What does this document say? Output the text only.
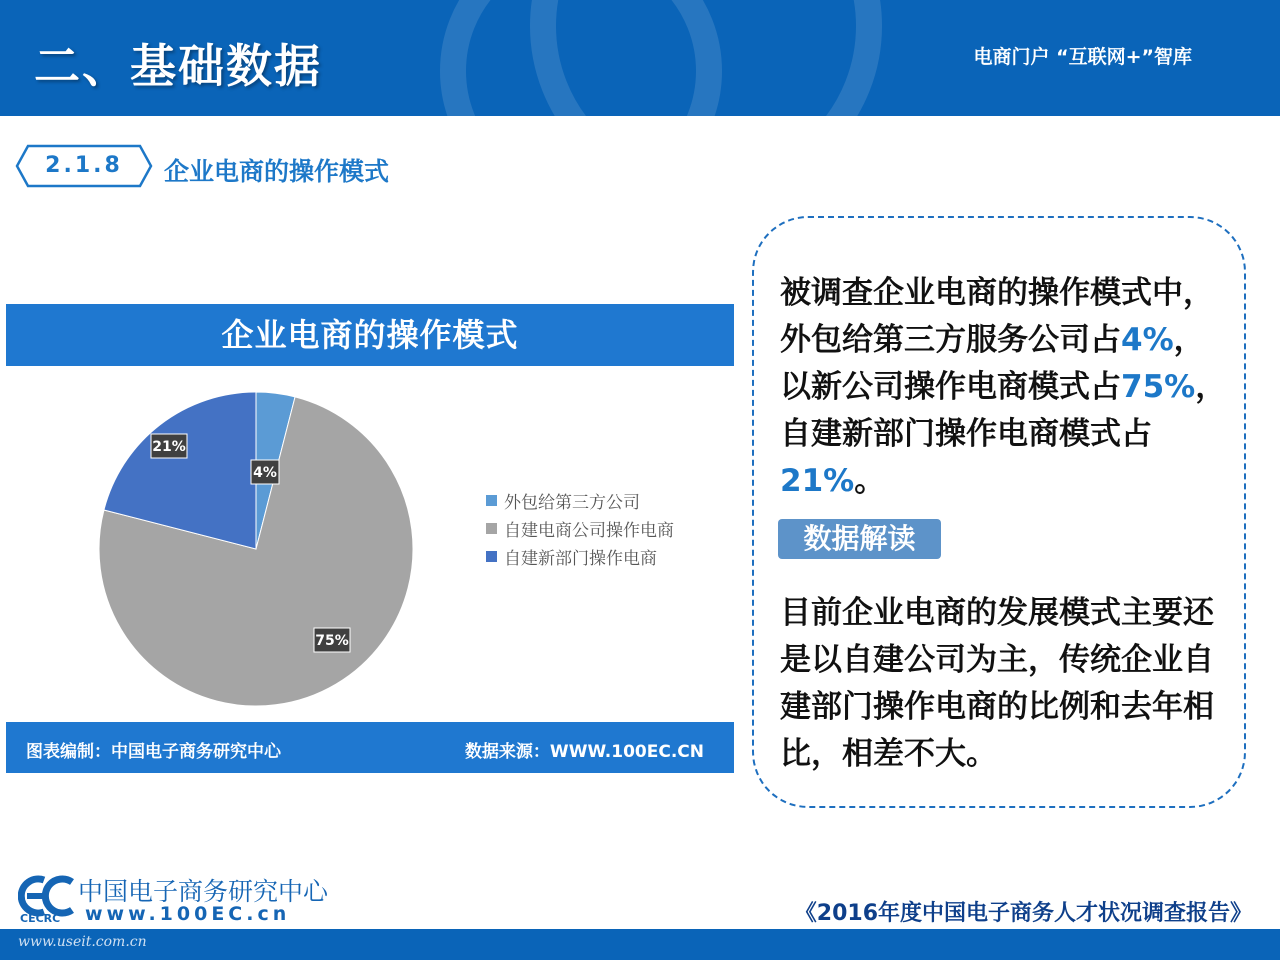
二、基础数据	电商门户 “互联网+”智库
2.1.8	企业电商的操作模式
企业电商的操作模式
图表编制：中国电子商务研究中心	数据来源：WWW.100EC.CN
4%
75%
21%
外包给第三方公司
自建电商公司操作电商
自建新部门操作电商
被调查企业电商的操作模式中，外包给第三方服务公司占4%，以新公司操作电商模式占75%，自建新部门操作电商模式占21%。
数据解读
目前企业电商的发展模式主要还是以自建公司为主，传统企业自建部门操作电商的比例和去年相比，相差不大。
中国电子商务研究中心
CECRC www.100EC.cn	《2016年度中国电子商务人才状况调查报告》
www.useit.com.cn
